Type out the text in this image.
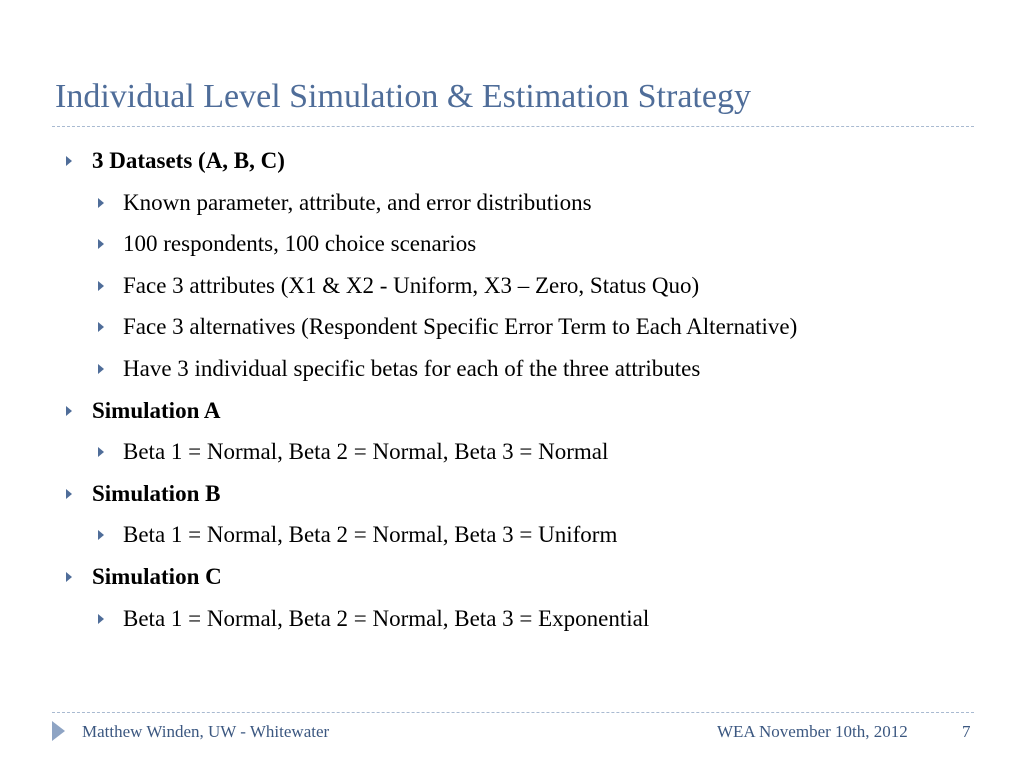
Individual Level Simulation & Estimation Strategy
3 Datasets (A, B, C)
Known parameter, attribute, and error distributions
100 respondents, 100 choice scenarios
Face 3 attributes (X1 & X2 - Uniform, X3 – Zero, Status Quo)
Face 3 alternatives (Respondent Specific Error Term to Each Alternative)
Have 3 individual specific betas for each of the three attributes
Simulation A
Beta 1 = Normal, Beta 2 = Normal, Beta 3 = Normal
Simulation B
Beta 1 = Normal, Beta 2 = Normal, Beta 3 = Uniform
Simulation C
Beta 1 = Normal, Beta 2 = Normal, Beta 3 = Exponential
Matthew Winden, UW - Whitewater	WEA November 10th, 2012	7
